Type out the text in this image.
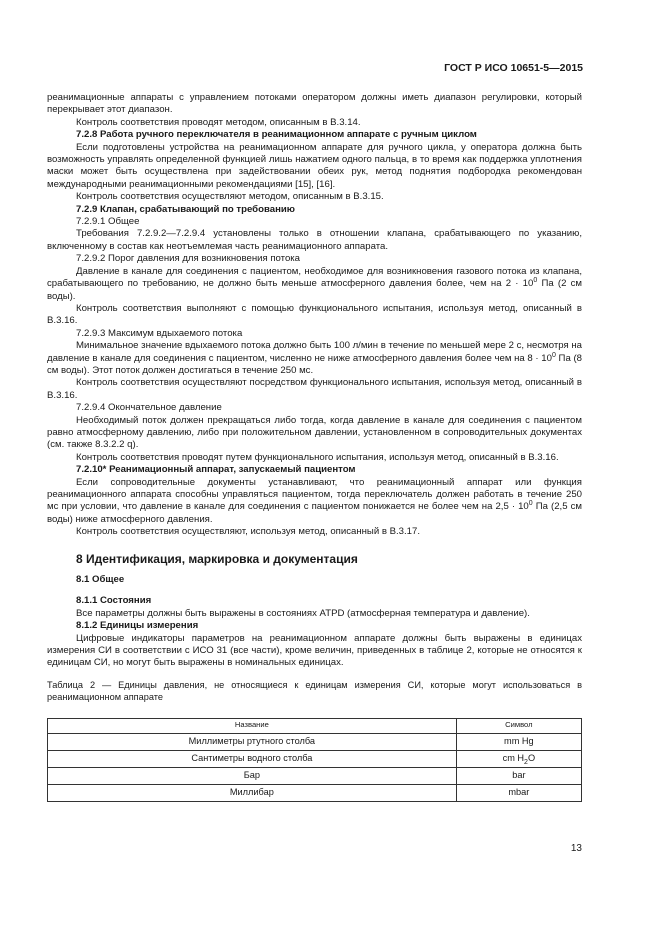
ГОСТ Р ИСО 10651-5—2015

реанимационные аппараты с управлением потоками оператором должны иметь диапазон регулировки, который перекрывает этот диапазон.

Контроль соответствия проводят методом, описанным в В.3.14.

7.2.8 Работа ручного переключателя в реанимационном аппарате с ручным циклом

Если подготовлены устройства на реанимационном аппарате для ручного цикла, у оператора должна быть возможность управлять определенной функцией лишь нажатием одного пальца, в то время как поддержка уплотнения маски может быть осуществлена при задействовании обеих рук, метод поднятия подбородка рекомендован международными реанимационными рекомендациями [15], [16].

Контроль соответствия осуществляют методом, описанным в В.3.15.

7.2.9 Клапан, срабатывающий по требованию

7.2.9.1 Общее

Требования 7.2.9.2—7.2.9.4 установлены только в отношении клапана, срабатывающего по указанию, включенному в состав как неотъемлемая часть реанимационного аппарата.

7.2.9.2 Порог давления для возникновения потока

Давление в канале для соединения с пациентом, необходимое для возникновения газового потока из клапана, срабатывающего по требованию, не должно быть меньше атмосферного давления более, чем на $2 \cdot 10^0$ Па (2 см воды).

Контроль соответствия выполняют с помощью функционального испытания, используя метод, описанный в В.3.16.

7.2.9.3 Максимум вдыхаемого потока

Минимальное значение вдыхаемого потока должно быть 100 л/мин в течение по меньшей мере 2 с, несмотря на давление в канале для соединения с пациентом, численно не ниже атмосферного давления более чем на $8 \cdot 10^0$ Па (8 см воды). Этот поток должен достигаться в течение 250 мс.

Контроль соответствия осуществляют посредством функционального испытания, используя метод, описанный в В.3.16.

7.2.9.4 Окончательное давление

Необходимый поток должен прекращаться либо тогда, когда давление в канале для соединения с пациентом равно атмосферному давлению, либо при положительном давлении, установленном в сопроводительных документах (см. также 8.3.2.2 q).

Контроль соответствия проводят путем функционального испытания, используя метод, описанный в В.3.16.

7.2.10* Реанимационный аппарат, запускаемый пациентом

Если сопроводительные документы устанавливают, что реанимационный аппарат или функция реанимационного аппарата способны управляться пациентом, тогда переключатель должен работать в течение 250 мс при условии, что давление в канале для соединения с пациентом понижается не более чем на $2,5 \cdot 10^0$ Па (2,5 см воды) ниже атмосферного давления.

Контроль соответствия осуществляют, используя метод, описанный в В.3.17.

8 Идентификация, маркировка и документация

8.1 Общее

8.1.1 Состояния

Все параметры должны быть выражены в состояниях АТPD (атмосферная температура и давление).

8.1.2 Единицы измерения

Цифровые индикаторы параметров на реанимационном аппарате должны быть выражены в единицах измерения СИ в соответствии с ИСО 31 (все части), кроме величин, приведенных в таблице 2, которые не относятся к единицам СИ, но могут быть выражены в номинальных единицах.

Таблица 2 — Единицы давления, не относящиеся к единицам измерения СИ, которые могут использоваться в реанимационном аппарате

Название	Символ
Миллиметры ртутного столба	mm Hg
Сантиметры водного столба	cm $H_2O$
Бар	bar
Миллибар	mbar
13
